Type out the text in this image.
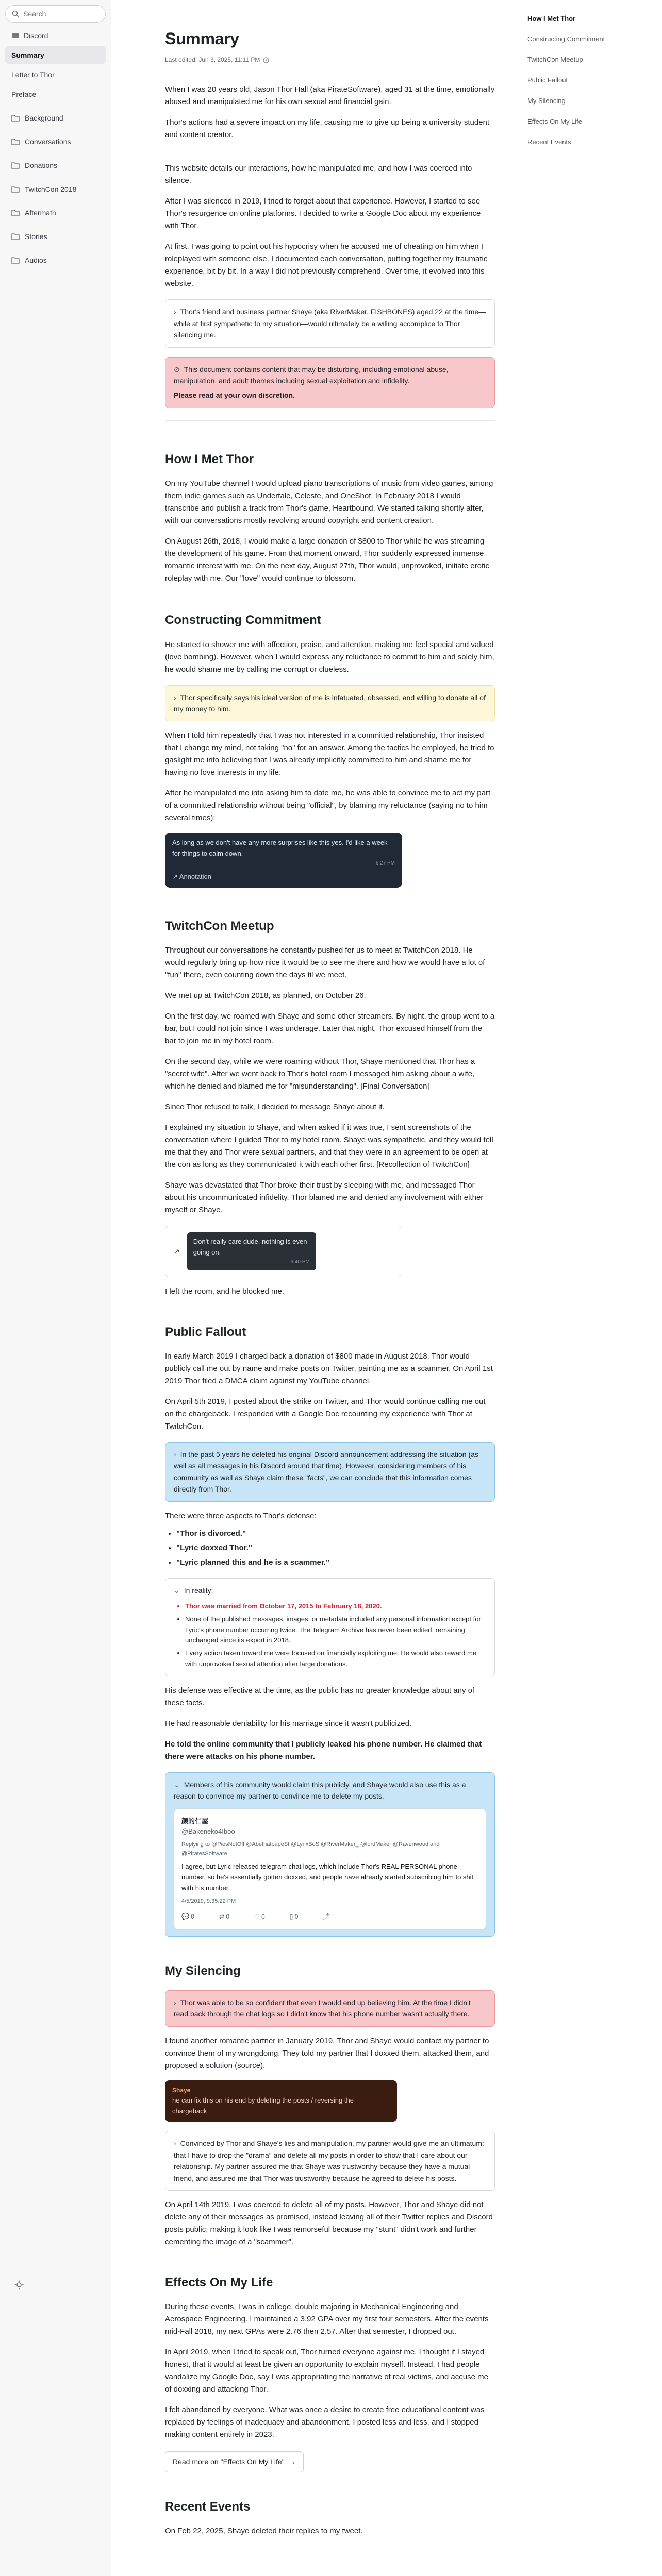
Search
Discord
Summary
Letter to Thor
Preface
Background
Conversations
Donations
TwitchCon 2018
Aftermath
Stories
Audios
Summary
Last edited: Jun 3, 2025, 11:11 PM

When I was 20 years old, Jason Thor Hall (aka PirateSoftware), aged 31 at the time, emotionally abused and manipulated me for his own sexual and financial gain.

Thor's actions had a severe impact on my life, causing me to give up being a university student and content creator.

This website details our interactions, how he manipulated me, and how I was coerced into silence.

After I was silenced in 2019, I tried to forget about that experience. However, I started to see Thor's resurgence on online platforms. I decided to write a Google Doc about my experience with Thor.

At first, I was going to point out his hypocrisy when he accused me of cheating on him when I roleplayed with someone else. I documented each conversation, putting together my traumatic experience, bit by bit. In a way I did not previously comprehend. Over time, it evolved into this website.

› Thor's friend and business partner Shaye (aka RiverMaker, FISHBONES) aged 22 at the time—while at first sympathetic to my situation—would ultimately be a willing accomplice to Thor silencing me.
⊘ This document contains content that may be disturbing, including emotional abuse, manipulation, and adult themes including sexual exploitation and infidelity.
Please read at your own discretion.
How I Met Thor

On my YouTube channel I would upload piano transcriptions of music from video games, among them indie games such as Undertale, Celeste, and OneShot. In February 2018 I would transcribe and publish a track from Thor's game, Heartbound. We started talking shortly after, with our conversations mostly revolving around copyright and content creation.

On August 26th, 2018, I would make a large donation of $800 to Thor while he was streaming the development of his game. From that moment onward, Thor suddenly expressed immense romantic interest with me. On the next day, August 27th, Thor would, unprovoked, initiate erotic roleplay with me. Our "love" would continue to blossom.

Constructing Commitment

He started to shower me with affection, praise, and attention, making me feel special and valued (love bombing). However, when I would express any reluctance to commit to him and solely him, he would shame me by calling me corrupt or clueless.

› Thor specifically says his ideal version of me is infatuated, obsessed, and willing to donate all of my money to him.

When I told him repeatedly that I was not interested in a committed relationship, Thor insisted that I change my mind, not taking "no" for an answer. Among the tactics he employed, he tried to gaslight me into believing that I was already implicitly committed to him and shame me for having no love interests in my life.

After he manipulated me into asking him to date me, he was able to convince me to act my part of a committed relationship without being "official", by blaming my reluctance (saying no to him several times):

As long as we don't have any more surprises like this yes. I'd like a week for things to calm down.
6:27 PM
↗ Annotation
TwitchCon Meetup

Throughout our conversations he constantly pushed for us to meet at TwitchCon 2018. He would regularly bring up how nice it would be to see me there and how we would have a lot of "fun" there, even counting down the days til we meet.

We met up at TwitchCon 2018, as planned, on October 26.

On the first day, we roamed with Shaye and some other streamers. By night, the group went to a bar, but I could not join since I was underage. Later that night, Thor excused himself from the bar to join me in my hotel room.

On the second day, while we were roaming without Thor, Shaye mentioned that Thor has a "secret wife". After we went back to Thor's hotel room I messaged him asking about a wife, which he denied and blamed me for "misunderstanding". [Final Conversation]

Since Thor refused to talk, I decided to message Shaye about it.

I explained my situation to Shaye, and when asked if it was true, I sent screenshots of the conversation where I guided Thor to my hotel room. Shaye was sympathetic, and they would tell me that they and Thor were sexual partners, and that they were in an agreement to be open at the con as long as they communicated it with each other first. [Recollection of TwitchCon]

Shaye was devastated that Thor broke their trust by sleeping with me, and messaged Thor about his uncommunicated infidelity. Thor blamed me and denied any involvement with either myself or Shaye.

↗
Don't really care dude, nothing is even going on.
6:40 PM

I left the room, and he blocked me.

Public Fallout

In early March 2019 I charged back a donation of $800 made in August 2018. Thor would publicly call me out by name and make posts on Twitter, painting me as a scammer. On April 1st 2019 Thor filed a DMCA claim against my YouTube channel.

On April 5th 2019, I posted about the strike on Twitter, and Thor would continue calling me out on the chargeback. I responded with a Google Doc recounting my experience with Thor at TwitchCon.

› In the past 5 years he deleted his original Discord announcement addressing the situation (as well as all messages in his Discord around that time). However, considering members of his community as well as Shaye claim these "facts", we can conclude that this information comes directly from Thor.

There were three aspects to Thor's defense:

• "Thor is divorced."
• "Lyric doxxed Thor."
• "Lyric planned this and he is a scammer."
⌄ In reality:
• Thor was married from October 17, 2015 to February 18, 2020.
• None of the published messages, images, or metadata included any personal information except for Lyric's phone number occurring twice. The Telegram Archive has never been edited, remaining unchanged since its export in 2018.
• Every action taken toward me were focused on financially exploiting me. He would also reward me with unprovoked sexual attention after large donations.

His defense was effective at the time, as the public has no greater knowledge about any of these facts.

He had reasonable deniability for his marriage since it wasn't publicized.

He told the online community that I publicly leaked his phone number. He claimed that there were attacks on his phone number.

⌄ Members of his community would claim this publicly, and Shaye would also use this as a reason to convince my partner to convince me to delete my posts.
颜的仁屋
@Bakeneko4Iboo
Replying to @PiesNotOff @AbethatpapeSt @LynxBoS @RiverMaker_ @lordMaker @Ravenwood and @PiratesSoftware
I agree, but Lyric released telegram chat logs, which include Thor's REAL PERSONAL phone number, so he's essentially gotten doxxed, and people have already started subscribing him to shit with his number.
4/5/2019, 9:35:22 PM
💬 0	⇄ 0	♡ 0	▯ 0	⤴
My Silencing
› Thor was able to be so confident that even I would end up believing him. At the time I didn't read back through the chat logs so I didn't know that his phone number wasn't actually there.

I found another romantic partner in January 2019. Thor and Shaye would contact my partner to convince them of my wrongdoing. They told my partner that I doxxed them, attacked them, and proposed a solution (source).

Shaye
he can fix this on his end by deleting the posts / reversing the chargeback
› Convinced by Thor and Shaye's lies and manipulation, my partner would give me an ultimatum: that I have to drop the "drama" and delete all my posts in order to show that I care about our relationship. My partner assured me that Shaye was trustworthy because they have a mutual friend, and assured me that Thor was trustworthy because he agreed to delete his posts.

On April 14th 2019, I was coerced to delete all of my posts. However, Thor and Shaye did not delete any of their messages as promised, instead leaving all of their Twitter replies and Discord posts public, making it look like I was remorseful because my "stunt" didn't work and further cementing the image of a "scammer".

Effects On My Life

During these events, I was in college, double majoring in Mechanical Engineering and Aerospace Engineering. I maintained a 3.92 GPA over my first four semesters. After the events mid-Fall 2018, my next GPAs were 2.76 then 2.57. After that semester, I dropped out.

In April 2019, when I tried to speak out, Thor turned everyone against me. I thought if I stayed honest, that it would at least be given an opportunity to explain myself. Instead, I had people vandalize my Google Doc, say I was appropriating the narrative of real victims, and accuse me of doxxing and attacking Thor.

I felt abandoned by everyone. What was once a desire to create free educational content was replaced by feelings of inadequacy and abandonment. I posted less and less, and I stopped making content entirely in 2023.

Read more on "Effects On My Life" →
Recent Events

On Feb 22, 2025, Shaye deleted their replies to my tweet.

How I Met Thor
Constructing Commitment
TwitchCon Meetup
Public Fallout
My Silencing
Effects On My Life
Recent Events
